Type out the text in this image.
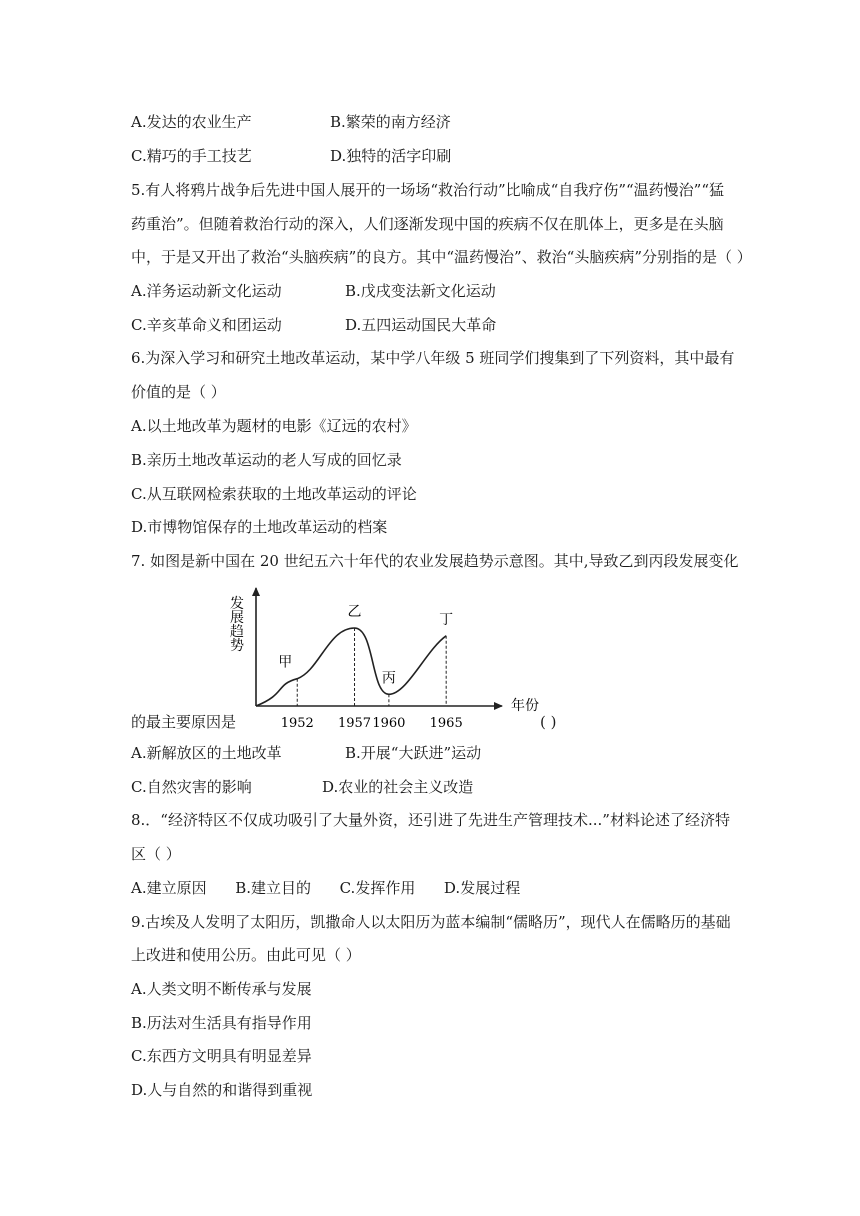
A.发达的农业生产	B.繁荣的南方经济
C.精巧的手工技艺	D.独特的活字印刷
5.有人将鸦片战争后先进中国人展开的一场场“救治行动”比喻成“自我疗伤”“温药慢治”“猛
药重治”。但随着救治行动的深入，人们逐渐发现中国的疾病不仅在肌体上，更多是在头脑
中，于是又开出了救治“头脑疾病”的良方。其中“温药慢治”、救治“头脑疾病”分别指的是（ ）
A.洋务运动新文化运动	B.戊戌变法新文化运动
C.辛亥革命义和团运动	D.五四运动国民大革命
6.为深入学习和研究土地改革运动，某中学八年级 5 班同学们搜集到了下列资料，其中最有
价值的是（ ）
A.以土地改革为题材的电影《辽远的农村》
B.亲历土地改革运动的老人写成的回忆录
C.从互联网检索获取的土地改革运动的评论
D.市博物馆保存的土地改革运动的档案
7. 如图是新中国在 20 世纪五六十年代的农业发展趋势示意图。其中,导致乙到丙段发展变化
发展趋势
年份
1952 1957 1960 1965
甲
乙
丙
丁
的最主要原因是	( )
A.新解放区的土地改革	B.开展“大跃进”运动
C.自然灾害的影响	D.农业的社会主义改造
8.．“经济特区不仅成功吸引了大量外资，还引进了先进生产管理技术...”材料论述了经济特
区（ ）
A.建立原因      B.建立目的      C.发挥作用      D.发展过程
9.古埃及人发明了太阳历，凯撒命人以太阳历为蓝本编制“儒略历”，现代人在儒略历的基础
上改进和使用公历。由此可见（ ）
A.人类文明不断传承与发展
B.历法对生活具有指导作用
C.东西方文明具有明显差异
D.人与自然的和谐得到重视
